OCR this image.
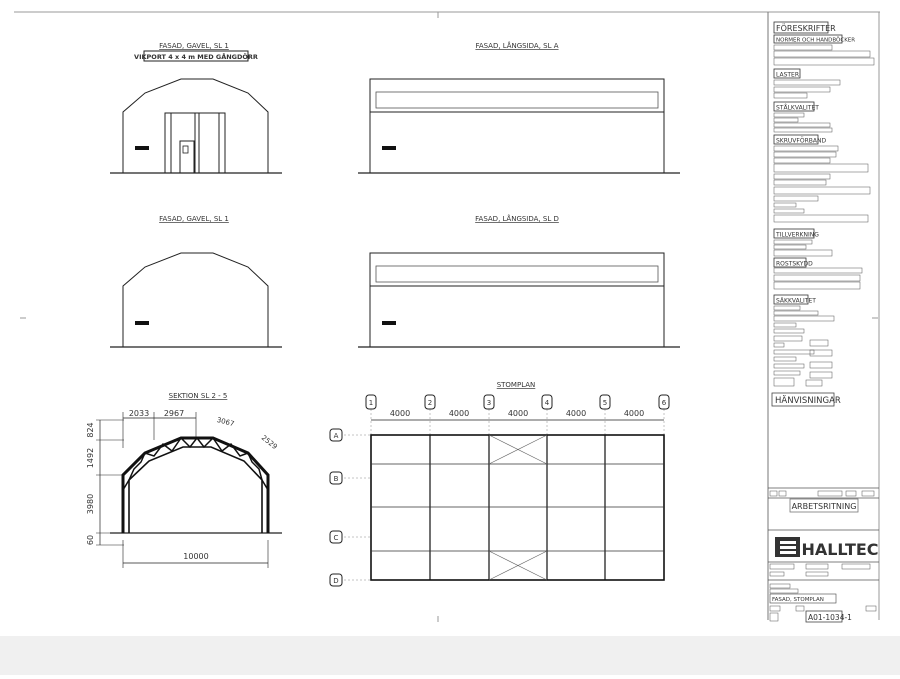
FASAD, GAVEL, SL 1
VIKPORT 4 x 4 m MED GÅNGDÖRR
FASAD, LÅNGSIDA, SL A
FASAD, GAVEL, SL 1	FASAD, LÅNGSIDA, SL D
SEKTION SL 2 - 5
2033 2967
3067
2529
824
1492
3980
60
10000
STOMPLAN
1	2	3	4	5	6
4000	4000	4000	4000	4000
A
B
C
D
FÖRESKRIFTER
NORMER OCH HANDBÖCKER
LASTER
STÅLKVALITET
SKRUVFÖRBAND
TILLVERKNING
ROSTSKYDD
SÄKKVALITET
HÄNVISNINGAR
ARBETSRITNING
HALLTEC
FASAD, STOMPLAN
A01-1034-1
